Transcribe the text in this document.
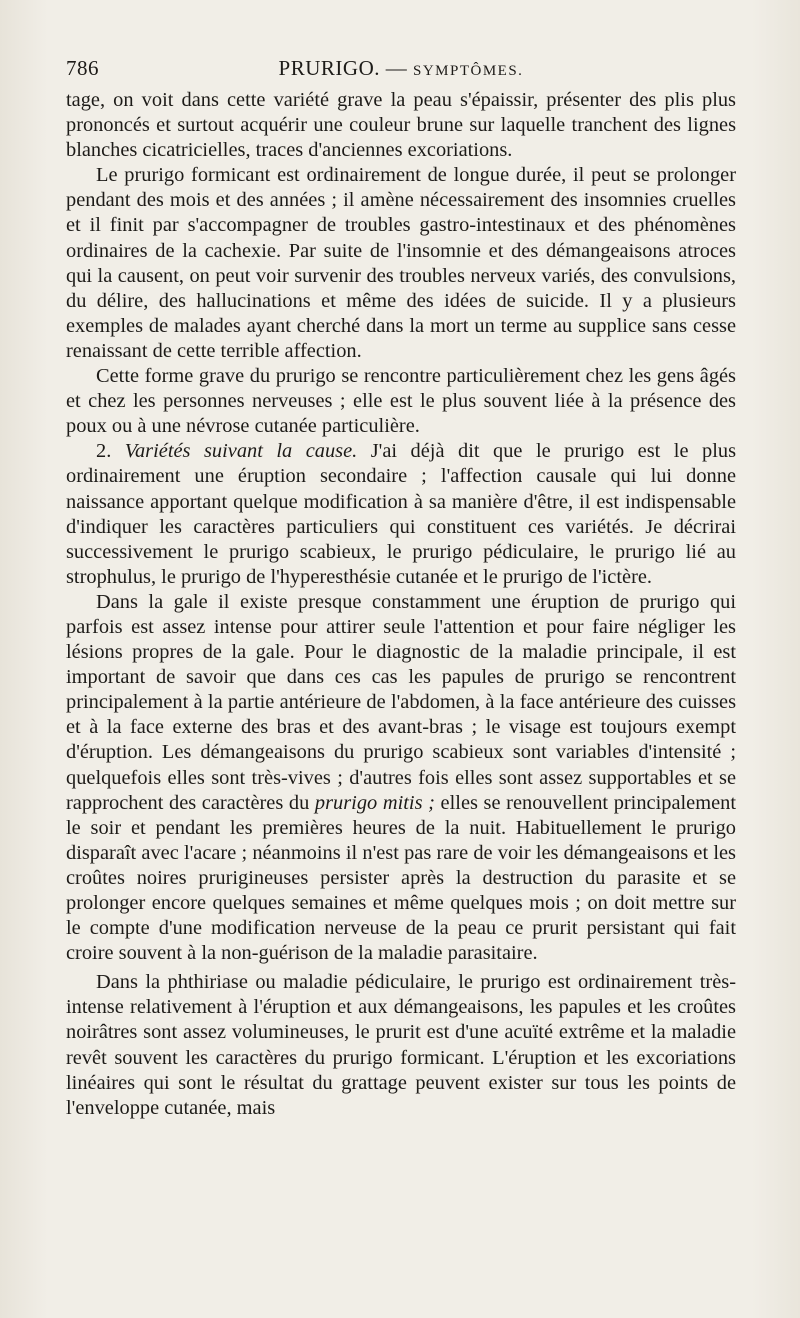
786	PRURIGO. — SYMPTÔMES.

tage, on voit dans cette variété grave la peau s'épaissir, présenter des plis plus prononcés et surtout acquérir une couleur brune sur laquelle tranchent des lignes blanches cicatricielles, traces d'anciennes excoriations.

Le prurigo formicant est ordinairement de longue durée, il peut se prolonger pendant des mois et des années ; il amène nécessairement des insomnies cruelles et il finit par s'accompagner de troubles gastro-intestinaux et des phénomènes ordinaires de la cachexie. Par suite de l'insomnie et des démangeaisons atroces qui la causent, on peut voir survenir des troubles nerveux variés, des convulsions, du délire, des hallucinations et même des idées de suicide. Il y a plusieurs exemples de malades ayant cherché dans la mort un terme au supplice sans cesse renaissant de cette terrible affection.

Cette forme grave du prurigo se rencontre particulièrement chez les gens âgés et chez les personnes nerveuses ; elle est le plus souvent liée à la présence des poux ou à une névrose cutanée particulière.

2. Variétés suivant la cause. J'ai déjà dit que le prurigo est le plus ordinairement une éruption secondaire ; l'affection causale qui lui donne naissance apportant quelque modification à sa manière d'être, il est indispensable d'indiquer les caractères particuliers qui constituent ces variétés. Je décrirai successivement le prurigo scabieux, le prurigo pédiculaire, le prurigo lié au strophulus, le prurigo de l'hyperesthésie cutanée et le prurigo de l'ictère.

Dans la gale il existe presque constamment une éruption de prurigo qui parfois est assez intense pour attirer seule l'attention et pour faire négliger les lésions propres de la gale. Pour le diagnostic de la maladie principale, il est important de savoir que dans ces cas les papules de prurigo se rencontrent principalement à la partie antérieure de l'abdomen, à la face antérieure des cuisses et à la face externe des bras et des avant-bras ; le visage est toujours exempt d'éruption. Les démangeaisons du prurigo scabieux sont variables d'intensité ; quelquefois elles sont très-vives ; d'autres fois elles sont assez supportables et se rapprochent des caractères du prurigo mitis ; elles se renouvellent principalement le soir et pendant les premières heures de la nuit. Habituellement le prurigo disparaît avec l'acare ; néanmoins il n'est pas rare de voir les démangeaisons et les croûtes noires prurigineuses persister après la destruction du parasite et se prolonger encore quelques semaines et même quelques mois ; on doit mettre sur le compte d'une modification nerveuse de la peau ce prurit persistant qui fait croire souvent à la non-guérison de la maladie parasitaire.

Dans la phthiriase ou maladie pédiculaire, le prurigo est ordinairement très-intense relativement à l'éruption et aux démangeaisons, les papules et les croûtes noirâtres sont assez volumineuses, le prurit est d'une acuïté extrême et la maladie revêt souvent les caractères du prurigo formicant. L'éruption et les excoriations linéaires qui sont le résultat du grattage peuvent exister sur tous les points de l'enveloppe cutanée, mais
